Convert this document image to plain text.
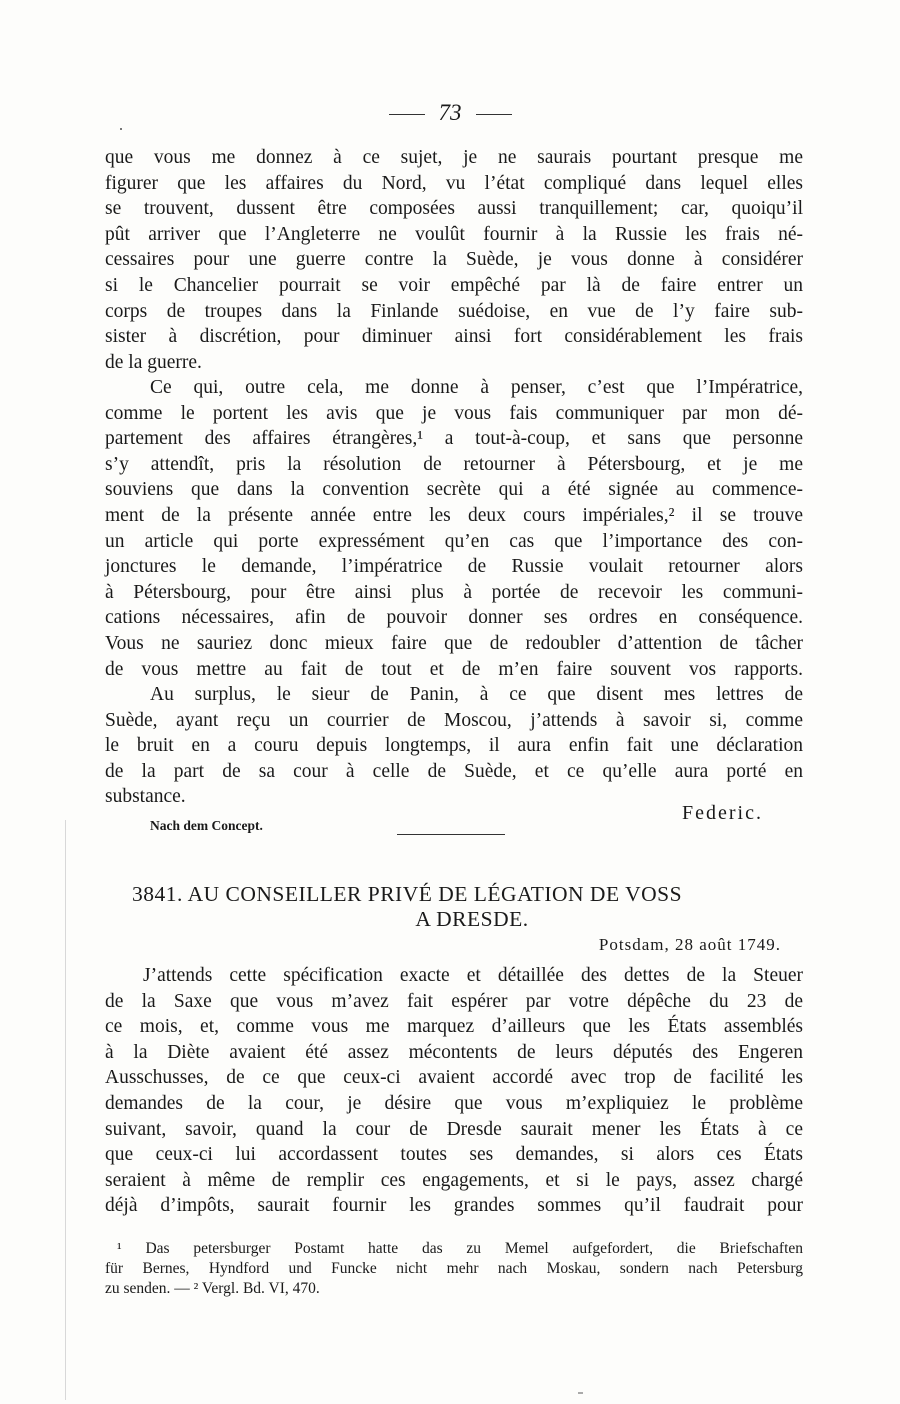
73
que vous me donnez à ce sujet, je ne saurais pourtant presque me
figurer que les affaires du Nord, vu l’état compliqué dans lequel elles
se trouvent, dussent être composées aussi tranquillement; car, quoiqu’il
pût arriver que l’Angleterre ne voulût fournir à la Russie les frais né-
cessaires pour une guerre contre la Suède, je vous donne à considérer
si le Chancelier pourrait se voir empêché par là de faire entrer un
corps de troupes dans la Finlande suédoise, en vue de l’y faire sub-
sister à discrétion, pour diminuer ainsi fort considérablement les frais
de la guerre.
Ce qui, outre cela, me donne à penser, c’est que l’Impératrice,
comme le portent les avis que je vous fais communiquer par mon dé-
partement des affaires étrangères,¹ a tout-à-coup, et sans que personne
s’y attendît, pris la résolution de retourner à Pétersbourg, et je me
souviens que dans la convention secrète qui a été signée au commence-
ment de la présente année entre les deux cours impériales,² il se trouve
un article qui porte expressément qu’en cas que l’importance des con-
jonctures le demande, l’impératrice de Russie voulait retourner alors
à Pétersbourg, pour être ainsi plus à portée de recevoir les communi-
cations nécessaires, afin de pouvoir donner ses ordres en conséquence.
Vous ne sauriez donc mieux faire que de redoubler d’attention de tâcher
de vous mettre au fait de tout et de m’en faire souvent vos rapports.
Au surplus, le sieur de Panin, à ce que disent mes lettres de
Suède, ayant reçu un courrier de Moscou, j’attends à savoir si, comme
le bruit en a couru depuis longtemps, il aura enfin fait une déclaration
de la part de sa cour à celle de Suède, et ce qu’elle aura porté en
substance.
Federic.
Nach dem Concept.
3841. AU CONSEILLER PRIVÉ DE LÉGATION DE VOSS
A DRESDE.
Potsdam, 28 août 1749.
J’attends cette spécification exacte et détaillée des dettes de la Steuer
de la Saxe que vous m’avez fait espérer par votre dépêche du 23 de
ce mois, et, comme vous me marquez d’ailleurs que les États assemblés
à la Diète avaient été assez mécontents de leurs députés des Engeren
Ausschusses, de ce que ceux-ci avaient accordé avec trop de facilité les
demandes de la cour, je désire que vous m’expliquiez le problème
suivant, savoir, quand la cour de Dresde saurait mener les États à ce
que ceux-ci lui accordassent toutes ses demandes, si alors ces États
seraient à même de remplir ces engagements, et si le pays, assez chargé
déjà d’impôts, saurait fournir les grandes sommes qu’il faudrait pour
¹ Das petersburger Postamt hatte das zu Memel aufgefordert, die Briefschaften
für Bernes, Hyndford und Funcke nicht mehr nach Moskau, sondern nach Petersburg
zu senden. — ² Vergl. Bd. VI, 470.
